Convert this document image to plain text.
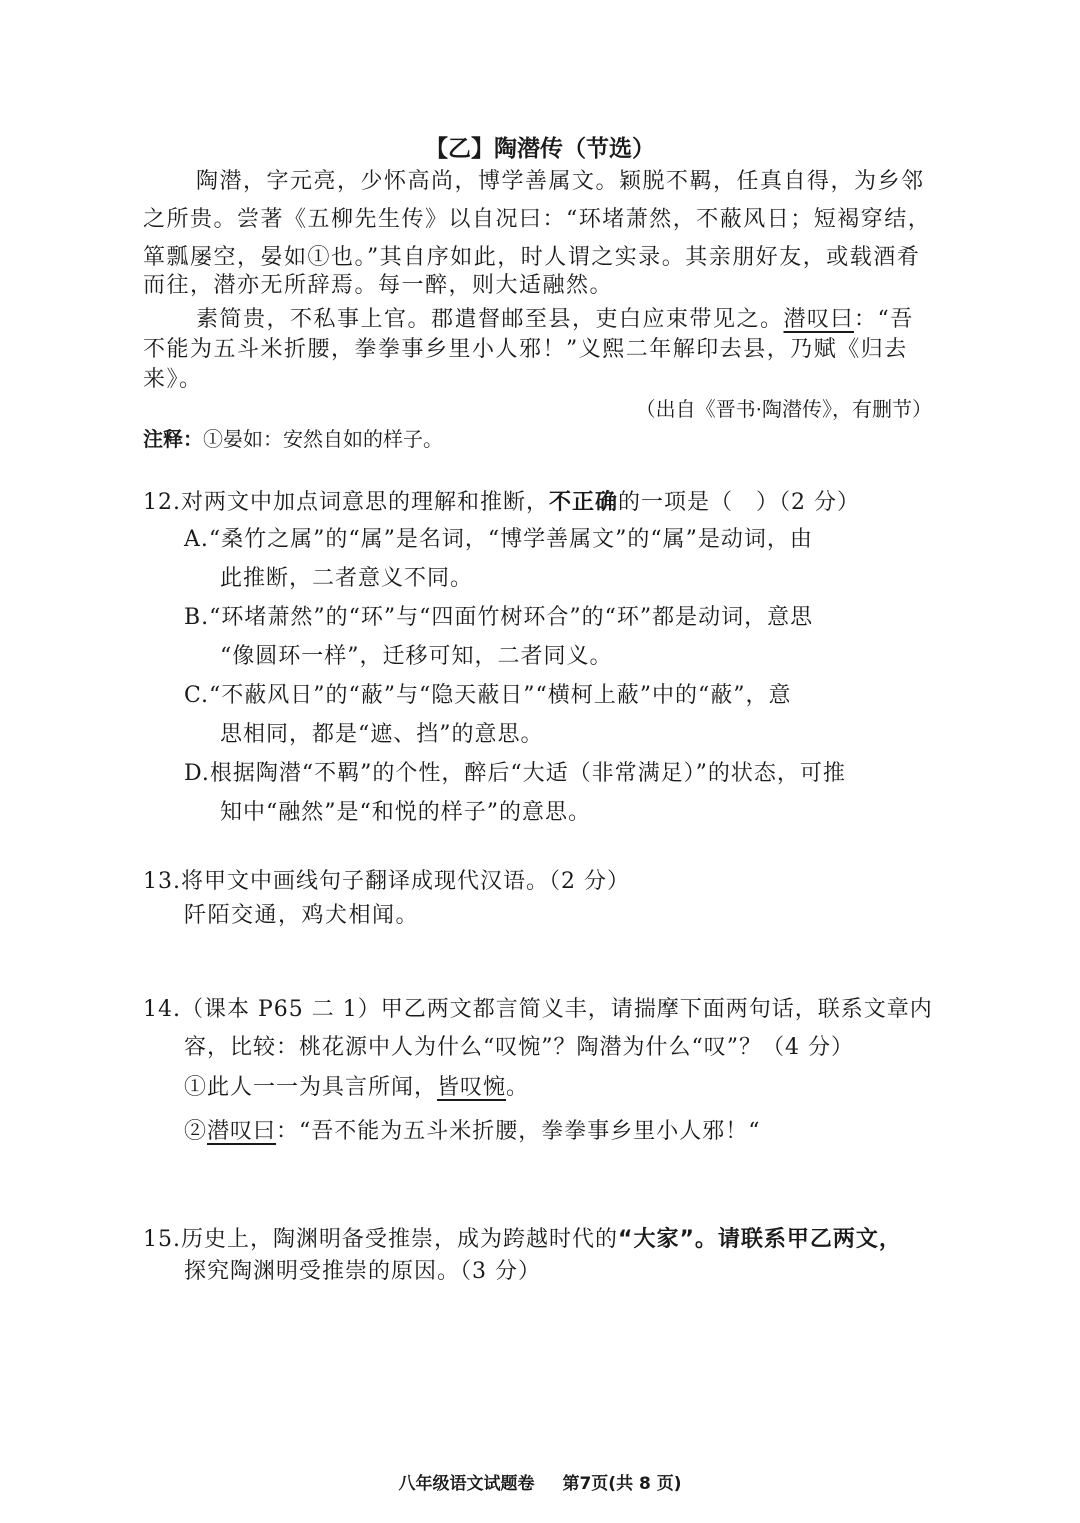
【乙】陶潜传（节选）
陶潜，字元亮，少怀高尚，博学善属文。颖脱不羁，任真自得，为乡邻
之所贵。尝著《五柳先生传》以自况曰：“环堵萧然，不蔽风日；短褐穿结，
箪瓢屡空，晏如①也。”其自序如此，时人谓之实录。其亲朋好友，或载酒肴
而往，潜亦无所辞焉。每一醉，则大适融然。
素简贵，不私事上官。郡遣督邮至县，吏白应束带见之。潜叹曰：“吾
不能为五斗米折腰，拳拳事乡里小人邪！”义熙二年解印去县，乃赋《归去
来》。
（出自《晋书·陶潜传》，有删节）
注释：①晏如：安然自如的样子。
12.对两文中加点词意思的理解和推断，不正确的一项是（　）（2 分）
A.“桑竹之属”的“属”是名词，“博学善属文”的“属”是动词，由
此推断，二者意义不同。
B.“环堵萧然”的“环”与“四面竹树环合”的“环”都是动词，意思
“像圆环一样”，迁移可知，二者同义。
C.“不蔽风日”的“蔽”与“隐天蔽日”“横柯上蔽”中的“蔽”，意
思相同，都是“遮、挡”的意思。
D.根据陶潜“不羁”的个性，醉后“大适（非常满足）”的状态，可推
知中“融然”是“和悦的样子”的意思。
13.将甲文中画线句子翻译成现代汉语。（2 分）
阡陌交通，鸡犬相闻。
14.（课本 P65 二 1）甲乙两文都言简义丰，请揣摩下面两句话，联系文章内
容，比较：桃花源中人为什么“叹惋”？陶潜为什么“叹”？（4 分）
①此人一一为具言所闻，皆叹惋。
②潜叹曰：“吾不能为五斗米折腰，拳拳事乡里小人邪！“
15.历史上，陶渊明备受推崇，成为跨越时代的“大家”。请联系甲乙两文，
探究陶渊明受推崇的原因。（3 分）
八年级语文试题卷 第7页(共 8 页)
